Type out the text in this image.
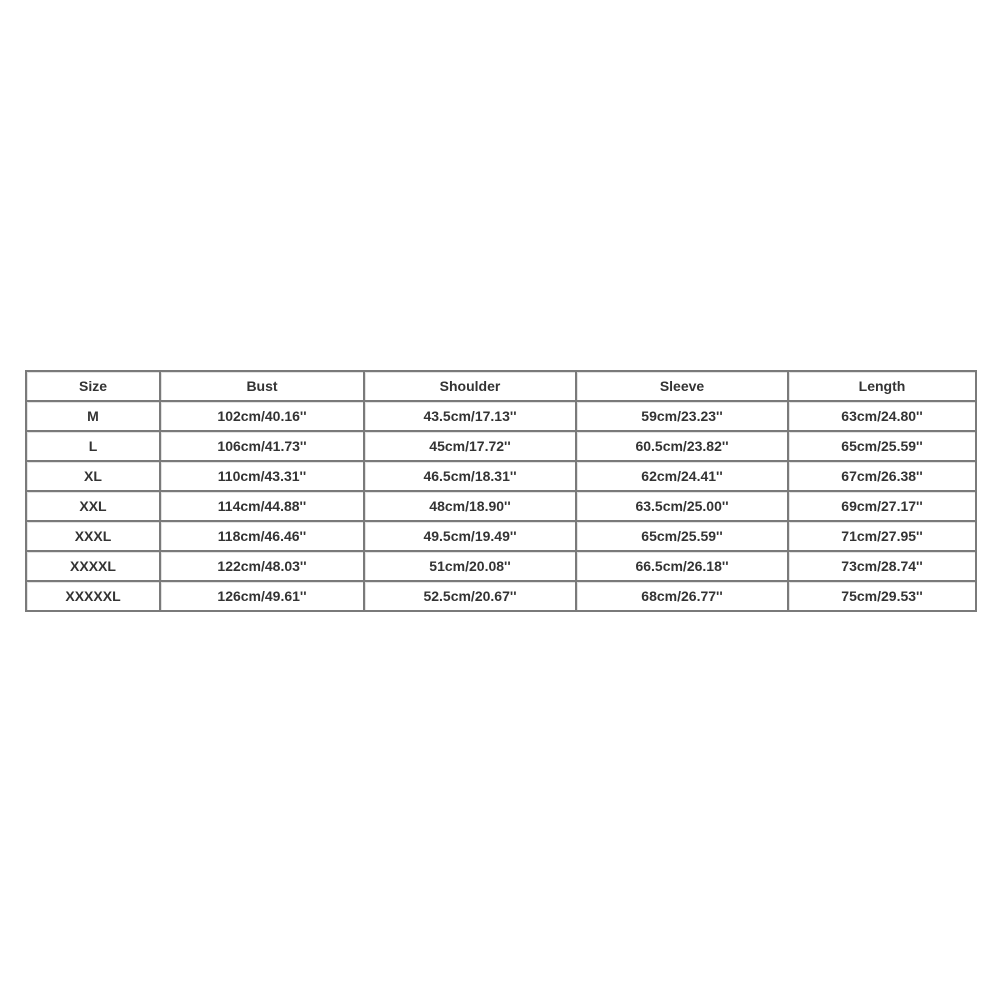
Size	Bust	Shoulder	Sleeve	Length
M	102cm/40.16''	43.5cm/17.13''	59cm/23.23''	63cm/24.80''
L	106cm/41.73''	45cm/17.72''	60.5cm/23.82''	65cm/25.59''
XL	110cm/43.31''	46.5cm/18.31''	62cm/24.41''	67cm/26.38''
XXL	114cm/44.88''	48cm/18.90''	63.5cm/25.00''	69cm/27.17''
XXXL	118cm/46.46''	49.5cm/19.49''	65cm/25.59''	71cm/27.95''
XXXXL	122cm/48.03''	51cm/20.08''	66.5cm/26.18''	73cm/28.74''
XXXXXL	126cm/49.61''	52.5cm/20.67''	68cm/26.77''	75cm/29.53''
